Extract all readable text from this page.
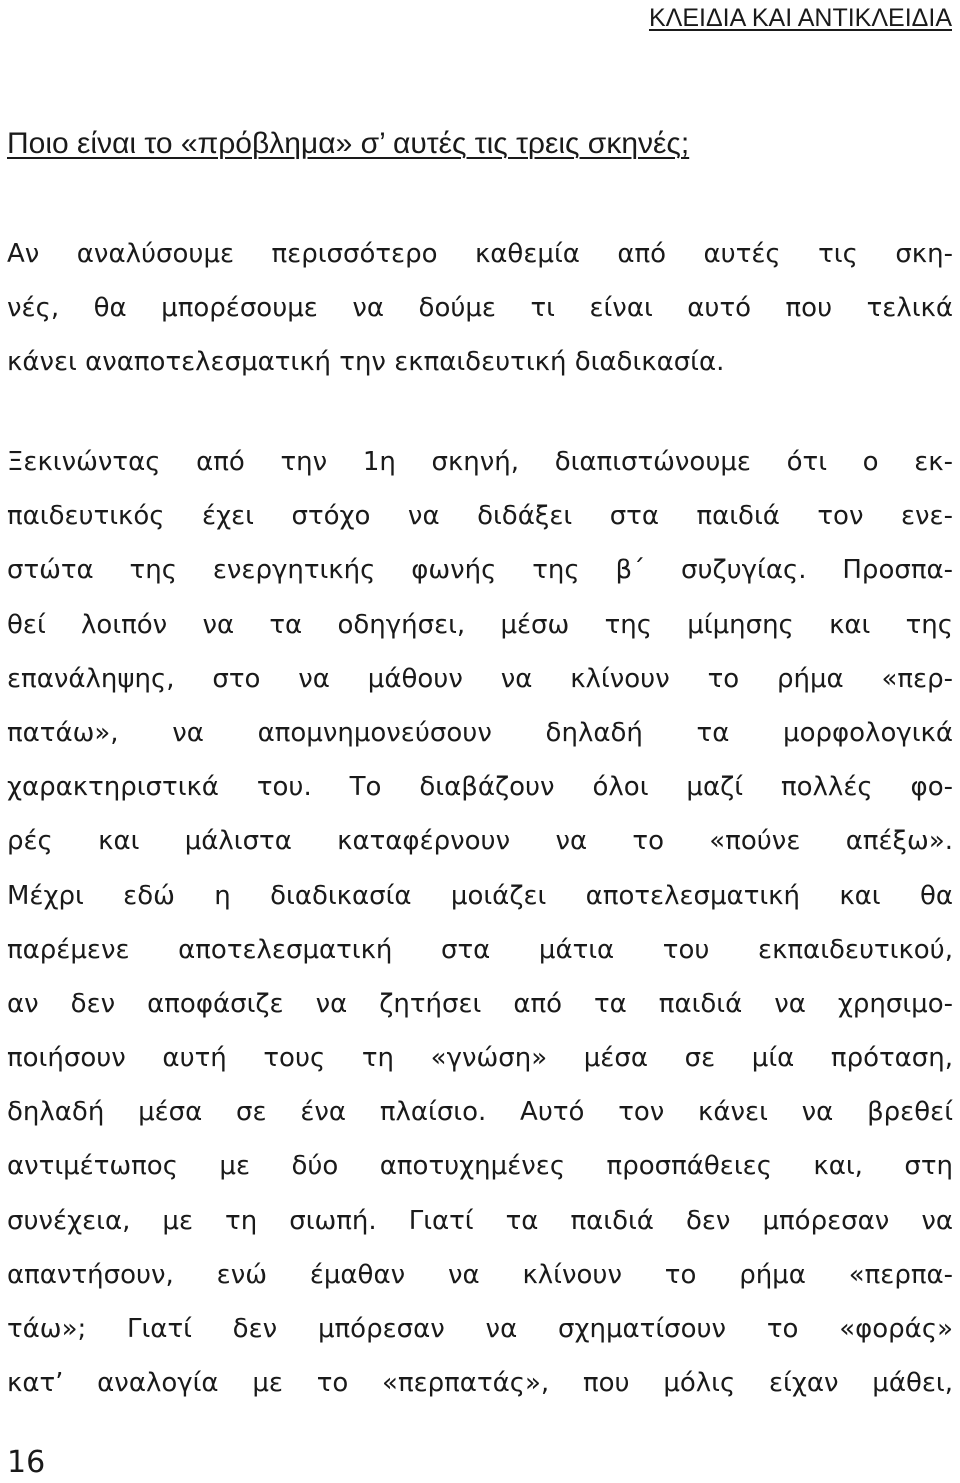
ΚΛΕΙΔΙΑ ΚΑΙ ΑΝΤΙΚΛΕΙΔΙΑ
Ποιο είναι το «πρόβλημα» σ’ αυτές τις τρεις σκηνές;
Αν αναλύσουμε περισσότερο καθεμία από αυτές τις σκη-
νές, θα μπορέσουμε να δούμε τι είναι αυτό που τελικά
κάνει αναποτελεσματική την εκπαιδευτική διαδικασία.
Ξεκινώντας από την 1η σκηνή, διαπιστώνουμε ότι ο εκ-
παιδευτικός έχει στόχο να διδάξει στα παιδιά τον ενε-
στώτα της ενεργητικής φωνής της β΄ συζυγίας. Προσπα-
θεί λοιπόν να τα οδηγήσει, μέσω της μίμησης και της
επανάληψης, στο να μάθουν να κλίνουν το ρήμα «περ-
πατάω», να απομνημονεύσουν δηλαδή τα μορφολογικά
χαρακτηριστικά του. Το διαβάζουν όλοι μαζί πολλές φο-
ρές και μάλιστα καταφέρνουν να το «πούνε απέξω».
Μέχρι εδώ η διαδικασία μοιάζει αποτελεσματική και θα
παρέμενε αποτελεσματική στα μάτια του εκπαιδευτικού,
αν δεν αποφάσιζε να ζητήσει από τα παιδιά να χρησιμο-
ποιήσουν αυτή τους τη «γνώση» μέσα σε μία πρόταση,
δηλαδή μέσα σε ένα πλαίσιο. Αυτό τον κάνει να βρεθεί
αντιμέτωπος με δύο αποτυχημένες προσπάθειες και, στη
συνέχεια, με τη σιωπή. Γιατί τα παιδιά δεν μπόρεσαν να
απαντήσουν, ενώ έμαθαν να κλίνουν το ρήμα «περπα-
τάω»; Γιατί δεν μπόρεσαν να σχηματίσουν το «φοράς»
κατ’ αναλογία με το «περπατάς», που μόλις είχαν μάθει,
16
